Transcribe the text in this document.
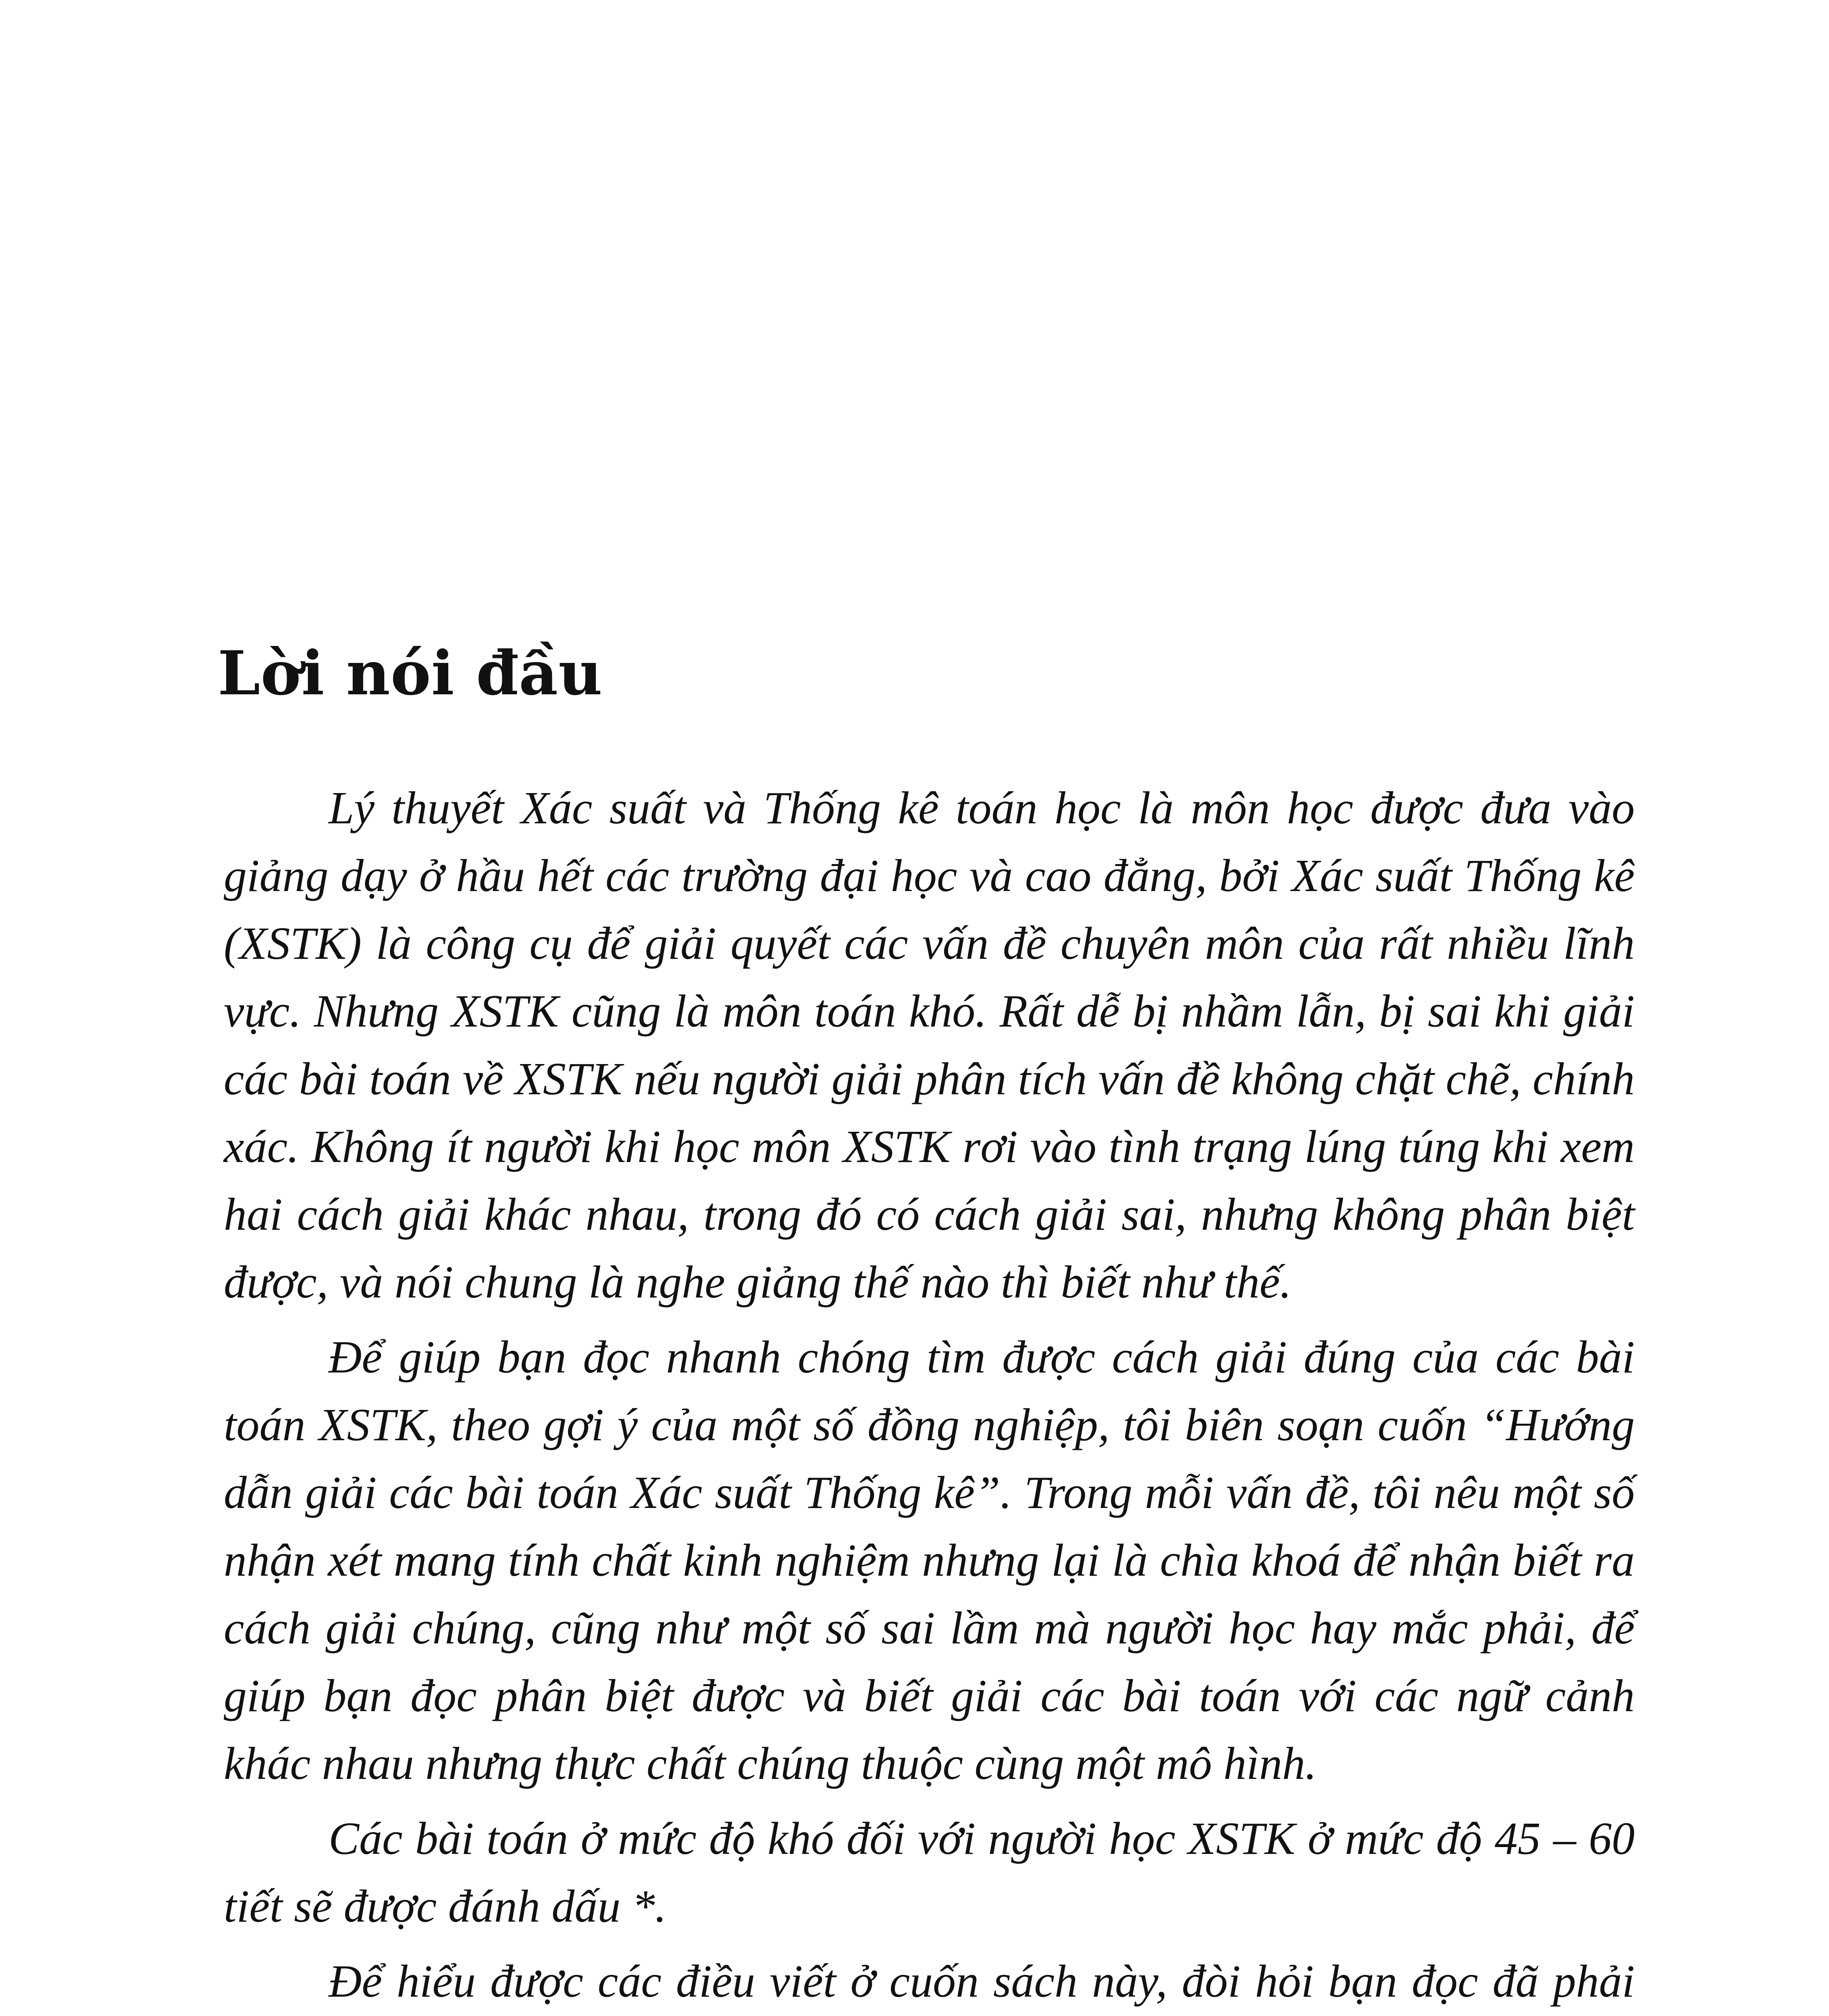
Lời nói đầu

Lý thuyết Xác suất và Thống kê toán học là môn học được đưa vào giảng dạy ở hầu hết các trường đại học và cao đẳng, bởi Xác suất Thống kê (XSTK) là công cụ để giải quyết các vấn đề chuyên môn của rất nhiều lĩnh vực. Nhưng XSTK cũng là môn toán khó. Rất dễ bị nhầm lẫn, bị sai khi giải các bài toán về XSTK nếu người giải phân tích vấn đề không chặt chẽ, chính xác. Không ít người khi học môn XSTK rơi vào tình trạng lúng túng khi xem hai cách giải khác nhau, trong đó có cách giải sai, nhưng không phân biệt được, và nói chung là nghe giảng thế nào thì biết như thế.

Để giúp bạn đọc nhanh chóng tìm được cách giải đúng của các bài toán XSTK, theo gợi ý của một số đồng nghiệp, tôi biên soạn cuốn “Hướng dẫn giải các bài toán Xác suất Thống kê”. Trong mỗi vấn đề, tôi nêu một số nhận xét mang tính chất kinh nghiệm nhưng lại là chìa khoá để nhận biết ra cách giải chúng, cũng như một số sai lầm mà người học hay mắc phải, để giúp bạn đọc phân biệt được và biết giải các bài toán với các ngữ cảnh khác nhau nhưng thực chất chúng thuộc cùng một mô hình.

Các bài toán ở mức độ khó đối với người học XSTK ở mức độ 45 – 60 tiết sẽ được đánh dấu *.

Để hiểu được các điều viết ở cuốn sách này, đòi hỏi bạn đọc đã phải
